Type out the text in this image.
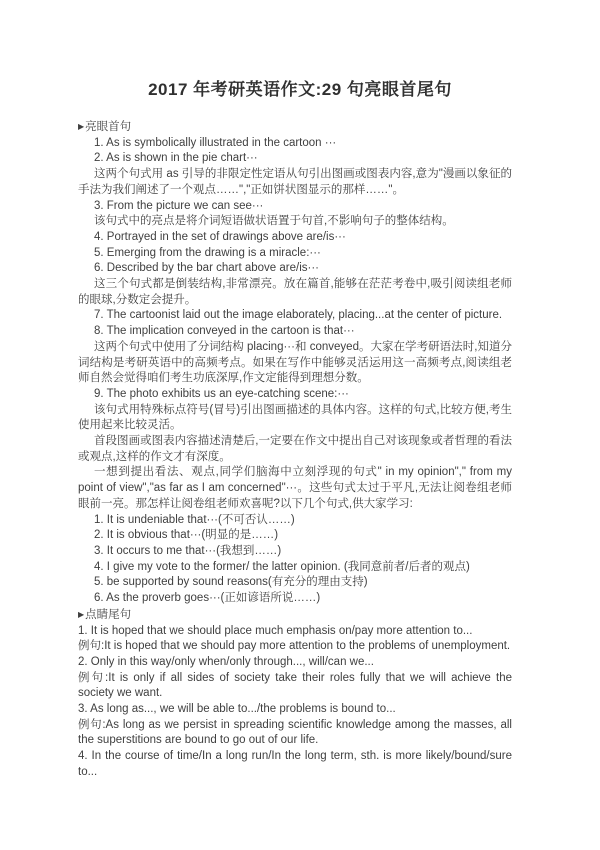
2017 年考研英语作文:29 句亮眼首尾句

▶亮眼首句

1. As is symbolically illustrated in the cartoon ···

2. As is shown in the pie chart···

这两个句式用 as 引导的非限定性定语从句引出图画或图表内容,意为"漫画以象征的手法为我们阐述了一个观点……","正如饼状图显示的那样……"。

3. From the picture we can see···

该句式中的亮点是将介词短语做状语置于句首,不影响句子的整体结构。

4. Portrayed in the set of drawings above are/is···

5. Emerging from the drawing is a miracle:···

6. Described by the bar chart above are/is···

这三个句式都是倒装结构,非常漂亮。放在篇首,能够在茫茫考卷中,吸引阅读组老师的眼球,分数定会提升。

7. The cartoonist laid out the image elaborately, placing...at the center of picture.

8. The implication conveyed in the cartoon is that···

这两个句式中使用了分词结构 placing···和 conveyed。大家在学考研语法时,知道分词结构是考研英语中的高频考点。如果在写作中能够灵活运用这一高频考点,阅读组老师自然会觉得咱们考生功底深厚,作文定能得到理想分数。

9. The photo exhibits us an eye-catching scene:···

该句式用特殊标点符号(冒号)引出图画描述的具体内容。这样的句式,比较方便,考生使用起来比较灵活。

首段图画或图表内容描述清楚后,一定要在作文中提出自己对该现象或者哲理的看法或观点,这样的作文才有深度。

一想到提出看法、观点,同学们脑海中立刻浮现的句式" in my opinion"," from my point of view","as far as I am concerned"···。这些句式太过于平凡,无法让阅卷组老师眼前一亮。那怎样让阅卷组老师欢喜呢?以下几个句式,供大家学习:

1. It is undeniable that···(不可否认……)

2. It is obvious that···(明显的是……)

3. It occurs to me that···(我想到……)

4. I give my vote to the former/ the latter opinion. (我同意前者/后者的观点)

5. be supported by sound reasons(有充分的理由支持)

6. As the proverb goes···(正如谚语所说……)

▶点睛尾句

1. It is hoped that we should place much emphasis on/pay more attention to...

例句:It is hoped that we should pay more attention to the problems of unemployment.

2. Only in this way/only when/only through..., will/can we...

例句:It is only if all sides of society take their roles fully that we will achieve the society we want.

3. As long as..., we will be able to.../the problems is bound to...

例句:As long as we persist in spreading scientific knowledge among the masses, all the superstitions are bound to go out of our life.

4. In the course of time/In a long run/In the long term, sth. is more likely/bound/sure to...
